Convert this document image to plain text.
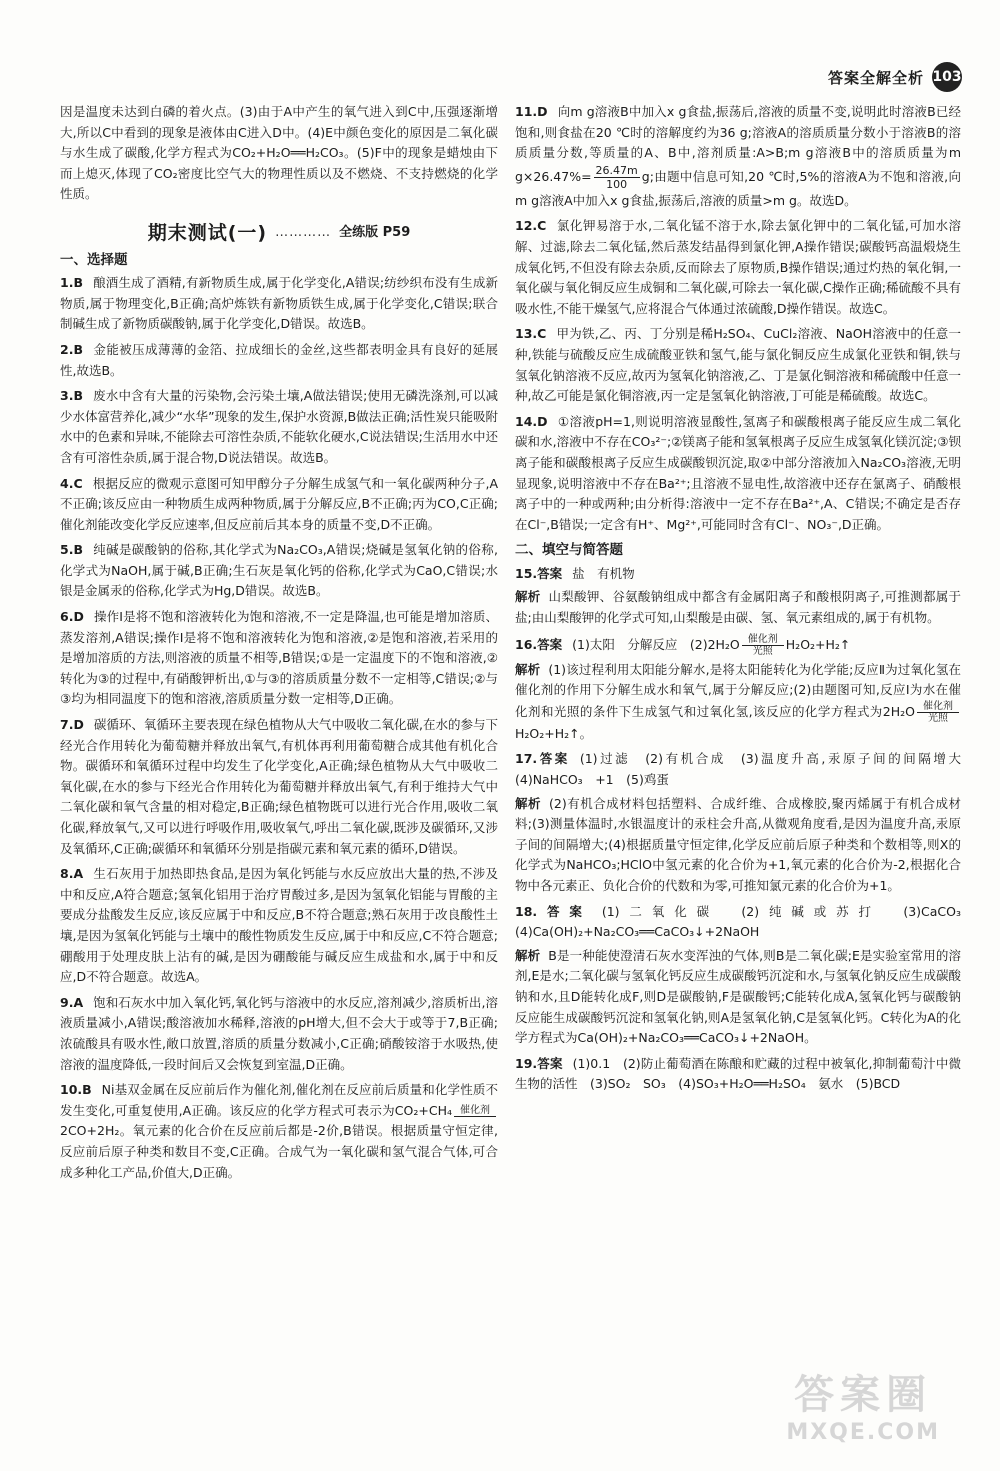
答案全解全析 103

因是温度未达到白磷的着火点。(3)由于A中产生的氧气进入到C中,压强逐渐增大,所以C中看到的现象是液体由C进入D中。(4)E中颜色变化的原因是二氧化碳与水生成了碳酸,化学方程式为CO₂+H₂O══H₂CO₃。(5)F中的现象是蜡烛由下而上熄灭,体现了CO₂密度比空气大的物理性质以及不燃烧、不支持燃烧的化学性质。

期末测试(一) ………… 全练版 P59
一、选择题
1.B 酿酒生成了酒精,有新物质生成,属于化学变化,A错误;纺纱织布没有生成新物质,属于物理变化,B正确;高炉炼铁有新物质铁生成,属于化学变化,C错误;联合制碱生成了新物质碳酸钠,属于化学变化,D错误。故选B。
2.B 金能被压成薄薄的金箔、拉成细长的金丝,这些都表明金具有良好的延展性,故选B。
3.B 废水中含有大量的污染物,会污染土壤,A做法错误;使用无磷洗涤剂,可以减少水体富营养化,减少“水华”现象的发生,保护水资源,B做法正确;活性炭只能吸附水中的色素和异味,不能除去可溶性杂质,不能软化硬水,C说法错误;生活用水中还含有可溶性杂质,属于混合物,D说法错误。故选B。
4.C 根据反应的微观示意图可知甲醇分子分解生成氢气和一氧化碳两种分子,A不正确;该反应由一种物质生成两种物质,属于分解反应,B不正确;丙为CO,C正确;催化剂能改变化学反应速率,但反应前后其本身的质量不变,D不正确。
5.B 纯碱是碳酸钠的俗称,其化学式为Na₂CO₃,A错误;烧碱是氢氧化钠的俗称,化学式为NaOH,属于碱,B正确;生石灰是氧化钙的俗称,化学式为CaO,C错误;水银是金属汞的俗称,化学式为Hg,D错误。故选B。
6.D 操作Ⅰ是将不饱和溶液转化为饱和溶液,不一定是降温,也可能是增加溶质、蒸发溶剂,A错误;操作Ⅰ是将不饱和溶液转化为饱和溶液,②是饱和溶液,若采用的是增加溶质的方法,则溶液的质量不相等,B错误;①是一定温度下的不饱和溶液,②转化为③的过程中,有硝酸钾析出,①与③的溶质质量分数不一定相等,C错误;②与③均为相同温度下的饱和溶液,溶质质量分数一定相等,D正确。
7.D 碳循环、氧循环主要表现在绿色植物从大气中吸收二氧化碳,在水的参与下经光合作用转化为葡萄糖并释放出氧气,有机体再利用葡萄糖合成其他有机化合物。碳循环和氧循环过程中均发生了化学变化,A正确;绿色植物从大气中吸收二氧化碳,在水的参与下经光合作用转化为葡萄糖并释放出氧气,有利于维持大气中二氧化碳和氧气含量的相对稳定,B正确;绿色植物既可以进行光合作用,吸收二氧化碳,释放氧气,又可以进行呼吸作用,吸收氧气,呼出二氧化碳,既涉及碳循环,又涉及氧循环,C正确;碳循环和氧循环分别是指碳元素和氧元素的循环,D错误。
8.A 生石灰用于加热即热食品,是因为氧化钙能与水反应放出大量的热,不涉及中和反应,A符合题意;氢氧化铝用于治疗胃酸过多,是因为氢氧化铝能与胃酸的主要成分盐酸发生反应,该反应属于中和反应,B不符合题意;熟石灰用于改良酸性土壤,是因为氢氧化钙能与土壤中的酸性物质发生反应,属于中和反应,C不符合题意;硼酸用于处理皮肤上沾有的碱,是因为硼酸能与碱反应生成盐和水,属于中和反应,D不符合题意。故选A。
9.A 饱和石灰水中加入氧化钙,氧化钙与溶液中的水反应,溶剂减少,溶质析出,溶液质量减小,A错误;酸溶液加水稀释,溶液的pH增大,但不会大于或等于7,B正确;浓硫酸具有吸水性,敞口放置,溶质的质量分数减小,C正确;硝酸铵溶于水吸热,使溶液的温度降低,一段时间后又会恢复到室温,D正确。
10.B Ni基双金属在反应前后作为催化剂,催化剂在反应前后质量和化学性质不发生变化,可重复使用,A正确。该反应的化学方程式可表示为CO₂+CH₄ 催化剂
2CO+2H₂。氧元素的化合价在反应前后都是-2价,B错误。根据质量守恒定律,反应前后原子种类和数目不变,C正确。合成气为一氧化碳和氢气混合气体,可合成多种化工产品,价值大,D正确。
11.D 向m g溶液B中加入x g食盐,振荡后,溶液的质量不变,说明此时溶液B已经饱和,则食盐在20 ℃时的溶解度约为36 g;溶液A的溶质质量分数小于溶液B的溶质质量分数,等质量的A、B中,溶剂质量:A>B;m g溶液B中的溶质质量为m $g\times 26.47\%= \frac{26.47m}{100} g$;由题中信息可知,20 ℃时,5%的溶液A为不饱和溶液,向m g溶液A中加入x g食盐,振荡后,溶液的质量>m g。故选D。
12.C 氯化钾易溶于水,二氧化锰不溶于水,除去氯化钾中的二氧化锰,可加水溶解、过滤,除去二氧化锰,然后蒸发结晶得到氯化钾,A操作错误;碳酸钙高温煅烧生成氧化钙,不但没有除去杂质,反而除去了原物质,B操作错误;通过灼热的氧化铜,一氧化碳与氧化铜反应生成铜和二氧化碳,可除去一氧化碳,C操作正确;稀硫酸不具有吸水性,不能干燥氢气,应将混合气体通过浓硫酸,D操作错误。故选C。
13.C 甲为铁,乙、丙、丁分别是稀H₂SO₄、CuCl₂溶液、NaOH溶液中的任意一种,铁能与硫酸反应生成硫酸亚铁和氢气,能与氯化铜反应生成氯化亚铁和铜,铁与氢氧化钠溶液不反应,故丙为氢氧化钠溶液,乙、丁是氯化铜溶液和稀硫酸中任意一种,故乙可能是氯化铜溶液,丙一定是氢氧化钠溶液,丁可能是稀硫酸。故选C。
14.D ①溶液pH=1,则说明溶液显酸性,氢离子和碳酸根离子能反应生成二氧化碳和水,溶液中不存在CO₃²⁻;②镁离子能和氢氧根离子反应生成氢氧化镁沉淀;③钡离子能和碳酸根离子反应生成碳酸钡沉淀,取②中部分溶液加入Na₂CO₃溶液,无明显现象,说明溶液中不存在Ba²⁺;且溶液不显电性,故溶液中还存在氯离子、硝酸根离子中的一种或两种;由分析得:溶液中一定不存在Ba²⁺,A、C错误;不确定是否存在Cl⁻,B错误;一定含有H⁺、Mg²⁺,可能同时含有Cl⁻、NO₃⁻,D正确。
二、填空与简答题
15.答案 盐　有机物
解析 山梨酸钾、谷氨酸钠组成中都含有金属阳离子和酸根阴离子,可推测都属于盐;由山梨酸钾的化学式可知,山梨酸是由碳、氢、氧元素组成的,属于有机物。
16.答案 (1)太阳　分解反应　(2)2H₂O 催化剂
光照 H₂O₂+H₂↑
解析 (1)该过程利用太阳能分解水,是将太阳能转化为化学能;反应Ⅱ为过氧化氢在催化剂的作用下分解生成水和氧气,属于分解反应;(2)由题图可知,反应Ⅰ为水在催化剂和光照的条件下生成氢气和过氧化氢,该反应的化学方程式为2H₂O 催化剂
光照
H₂O₂+H₂↑。
17.答案 (1)过滤　(2)有机合成　(3)温度升高,汞原子间的间隔增大　(4)NaHCO₃　+1　(5)鸡蛋
解析 (2)有机合成材料包括塑料、合成纤维、合成橡胶,聚丙烯属于有机合成材料;(3)测量体温时,水银温度计的汞柱会升高,从微观角度看,是因为温度升高,汞原子间的间隔增大;(4)根据质量守恒定律,化学反应前后原子种类和个数相等,则X的化学式为NaHCO₃;HClO中氢元素的化合价为+1,氧元素的化合价为-2,根据化合物中各元素正、负化合价的代数和为零,可推知氯元素的化合价为+1。
18.答案 (1)二氧化碳　(2)纯碱或苏打　(3)CaCO₃　(4)Ca(OH)₂+Na₂CO₃══CaCO₃↓+2NaOH
解析 B是一种能使澄清石灰水变浑浊的气体,则B是二氧化碳;E是实验室常用的溶剂,E是水;二氧化碳与氢氧化钙反应生成碳酸钙沉淀和水,与氢氧化钠反应生成碳酸钠和水,且D能转化成F,则D是碳酸钠,F是碳酸钙;C能转化成A,氢氧化钙与碳酸钠反应能生成碳酸钙沉淀和氢氧化钠,则A是氢氧化钠,C是氢氧化钙。C转化为A的化学方程式为Ca(OH)₂+Na₂CO₃══CaCO₃↓+2NaOH。
19.答案 (1)0.1　(2)防止葡萄酒在陈酿和贮藏的过程中被氧化,抑制葡萄汁中微生物的活性　(3)SO₂　SO₃　(4)SO₃+H₂O══H₂SO₄　氨水　(5)BCD
答案圈
MXQE.COM
